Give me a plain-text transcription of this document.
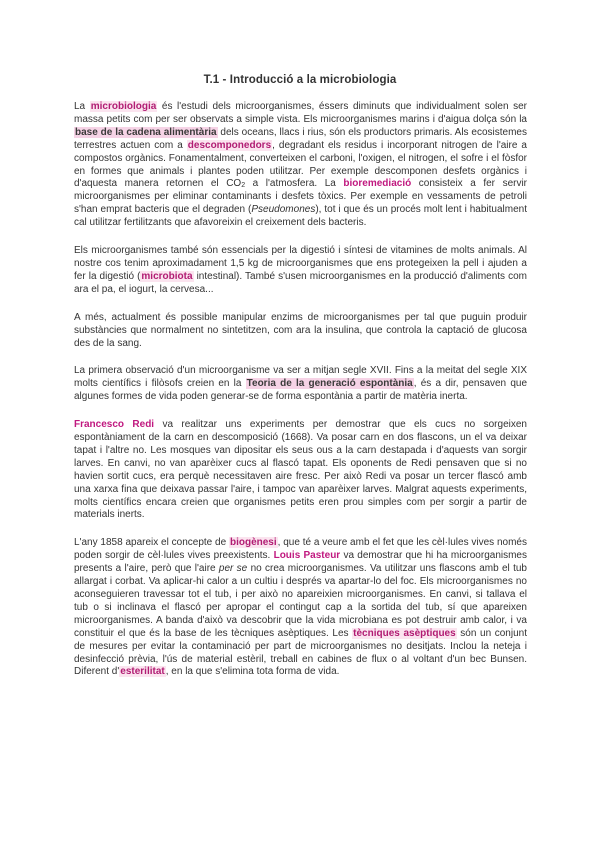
T.1 - Introducció a la microbiologia

La microbiologia és l'estudi dels microorganismes, éssers diminuts que individualment solen ser massa petits com per ser observats a simple vista. Els microorganismes marins i d'aigua dolça són la base de la cadena alimentària dels oceans, llacs i rius, són els productors primaris. Als ecosistemes terrestres actuen com a descomponedors, degradant els residus i incorporant nitrogen de l'aire a compostos orgànics. Fonamentalment, converteixen el carboni, l'oxigen, el nitrogen, el sofre i el fòsfor en formes que animals i plantes poden utilitzar. Per exemple descomponen desfets orgànics i d'aquesta manera retornen el $CO_2$ a l'atmosfera. La bioremediació consisteix a fer servir microorganismes per eliminar contaminants i desfets tòxics. Per exemple en vessaments de petroli s'han emprat bacteris que el degraden (Pseudomones), tot i que és un procés molt lent i habitualment cal utilitzar fertilitzants que afavoreixin el creixement dels bacteris.

Els microorganismes també són essencials per la digestió i síntesi de vitamines de molts animals. Al nostre cos tenim aproximadament 1,5 kg de microorganismes que ens protegeixen la pell i ajuden a fer la digestió (microbiota intestinal). També s'usen microorganismes en la producció d'aliments com ara el pa, el iogurt, la cervesa...

A més, actualment és possible manipular enzims de microorganismes per tal que puguin produir substàncies que normalment no sintetitzen, com ara la insulina, que controla la captació de glucosa des de la sang.

La primera observació d'un microorganisme va ser a mitjan segle XVII. Fins a la meitat del segle XIX molts científics i filòsofs creien en la Teoria de la generació espontània, és a dir, pensaven que algunes formes de vida poden generar-se de forma espontània a partir de matèria inerta.

Francesco Redi va realitzar uns experiments per demostrar que els cucs no sorgeixen espontàniament de la carn en descomposició (1668). Va posar carn en dos flascons, un el va deixar tapat i l'altre no. Les mosques van dipositar els seus ous a la carn destapada i d'aquests van sorgir larves. En canvi, no van aparèixer cucs al flascó tapat. Els oponents de Redi pensaven que si no havien sortit cucs, era perquè necessitaven aire fresc. Per això Redi va posar un tercer flascó amb una xarxa fina que deixava passar l'aire, i tampoc van aparèixer larves. Malgrat aquests experiments, molts científics encara creien que organismes petits eren prou simples com per sorgir a partir de materials inerts.

L'any 1858 apareix el concepte de biogènesi, que té a veure amb el fet que les cèl·lules vives només poden sorgir de cèl·lules vives preexistents. Louis Pasteur va demostrar que hi ha microorganismes presents a l'aire, però que l'aire per se no crea microorganismes. Va utilitzar uns flascons amb el tub allargat i corbat. Va aplicar-hi calor a un cultiu i després va apartar-lo del foc. Els microorganismes no aconseguieren travessar tot el tub, i per això no apareixien microorganismes. En canvi, si tallava el tub o si inclinava el flascó per apropar el contingut cap a la sortida del tub, sí que apareixen microorganismes. A banda d'això va descobrir que la vida microbiana es pot destruir amb calor, i va constituir el que és la base de les tècniques asèptiques. Les tècniques asèptiques són un conjunt de mesures per evitar la contaminació per part de microorganismes no desitjats. Inclou la neteja i desinfecció prèvia, l'ús de material estèril, treball en cabines de flux o al voltant d'un bec Bunsen. Diferent d'esterilitat, en la que s'elimina tota forma de vida.
